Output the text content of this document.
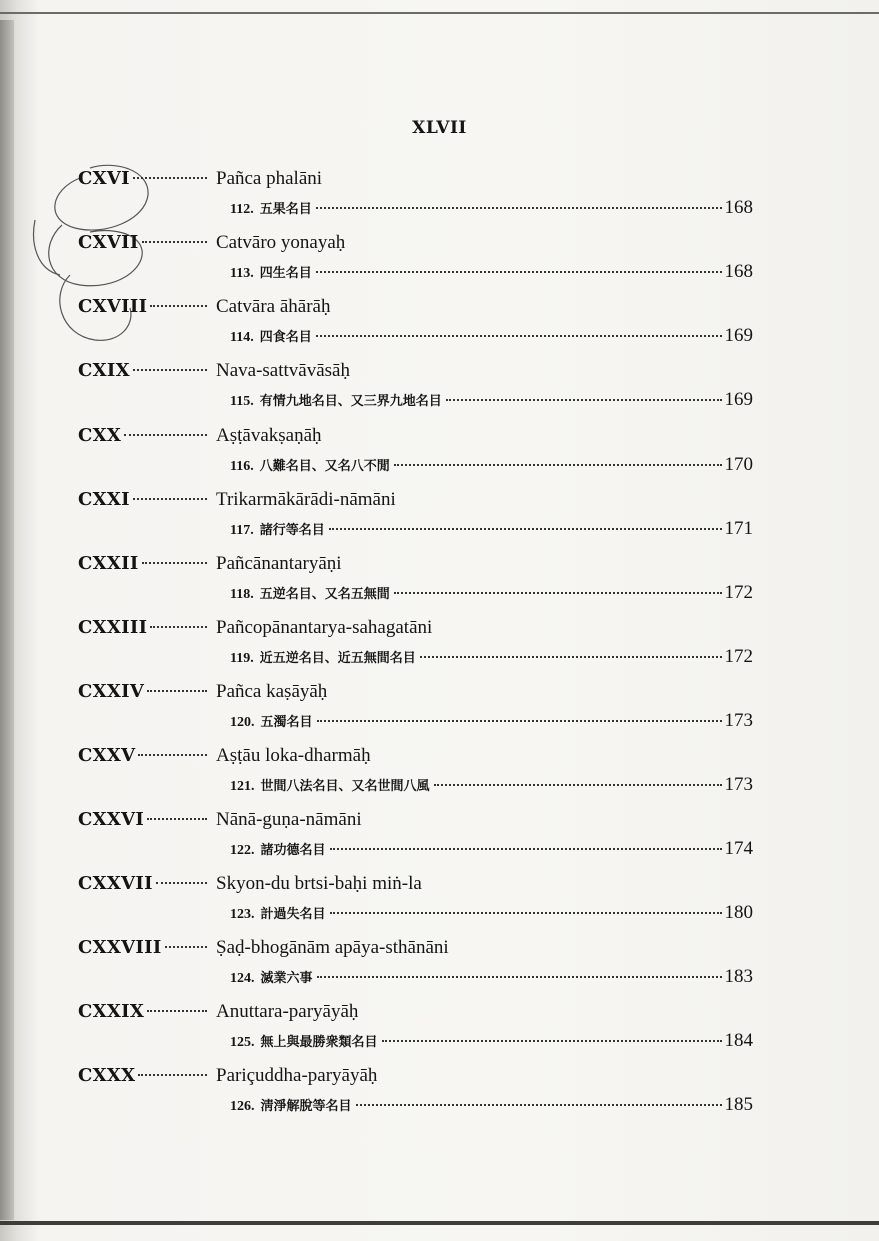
XLVII
CXVI	Pañca phalāni
112. 五果名目	168
CXVII	Catvāro yonayaḥ
113. 四生名目	168
CXVIII	Catvāra āhārāḥ
114. 四食名目	169
CXIX	Nava-sattvāvāsāḥ
115. 有情九地名目、又三界九地名目	169
CXX	Aṣṭāvakṣaṇāḥ
116. 八難名目、又名八不閒	170
CXXI	Trikarmākārādi-nāmāni
117. 諸行等名目	171
CXXII	Pañcānantaryāṇi
118. 五逆名目、又名五無間	172
CXXIII	Pañcopānantarya-sahagatāni
119. 近五逆名目、近五無間名目	172
CXXIV	Pañca kaṣāyāḥ
120. 五濁名目	173
CXXV	Aṣṭāu loka-dharmāḥ
121. 世間八法名目、又名世間八風	173
CXXVI	Nānā-guṇa-nāmāni
122. 諸功德名目	174
CXXVII	Skyon-du brtsi-baḥi miṅ-la
123. 計過失名目	180
CXXVIII	Ṣaḍ-bhogānām apāya-sthānāni
124. 滅業六事	183
CXXIX	Anuttara-paryāyāḥ
125. 無上與最勝衆類名目	184
CXXX	Pariçuddha-paryāyāḥ
126. 淸淨解脫等名目	185
